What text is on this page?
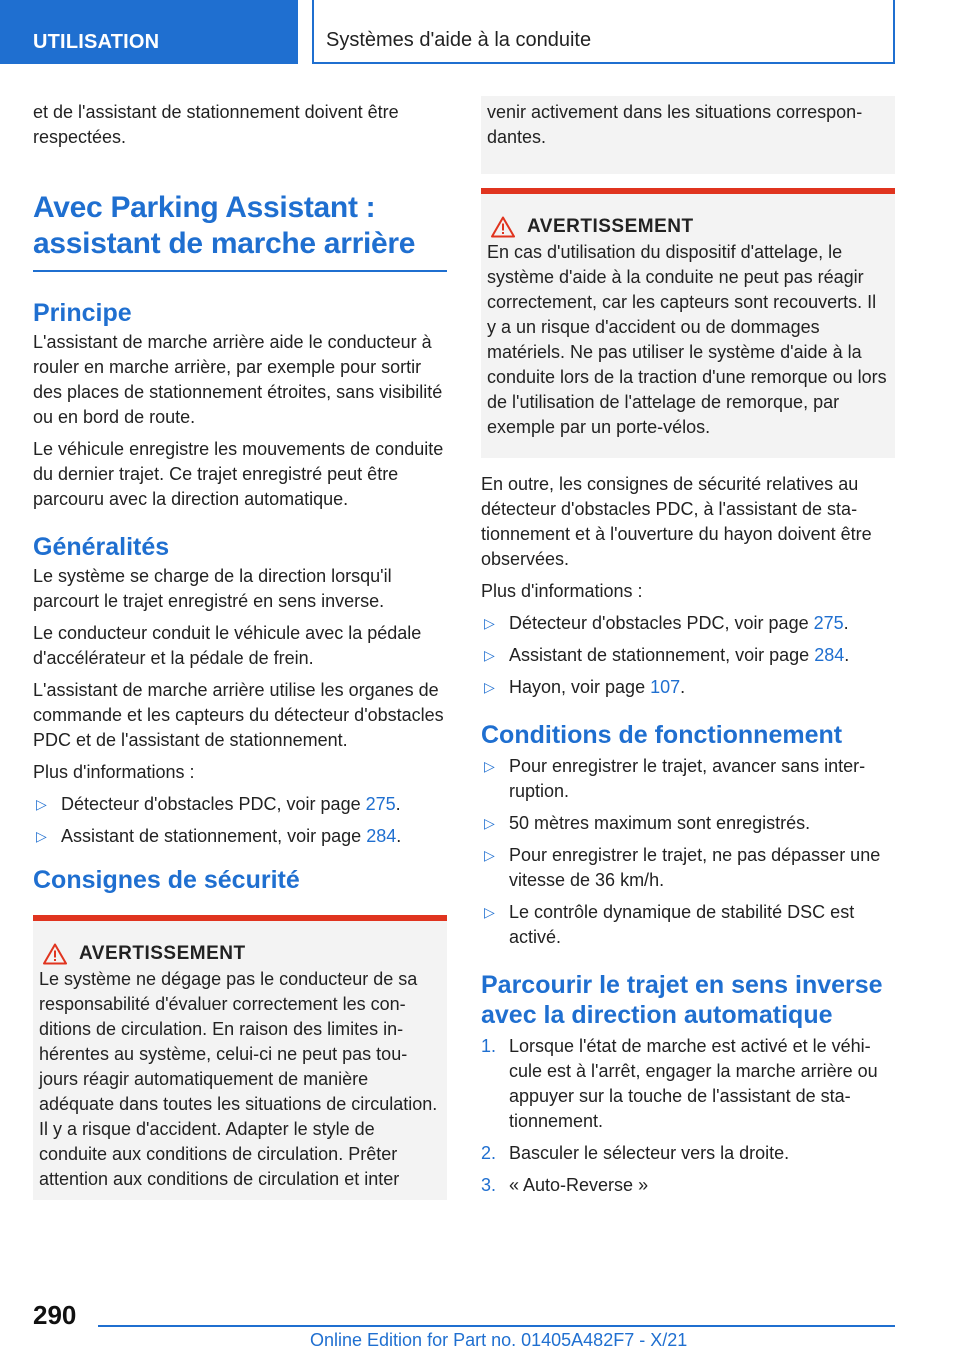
UTILISATION	Systèmes d'aide à la conduite

et de l'assistant de stationnement doivent être respectées.

Avec Parking Assistant : assistant de marche arrière
Principe

L'assistant de marche arrière aide le conducteur à rouler en marche arrière, par exemple pour sortir des places de stationnement étroites, sans visibilité ou en bord de route.

Le véhicule enregistre les mouvements de conduite du dernier trajet. Ce trajet enregistré peut être parcouru avec la direction automatique.

Généralités

Le système se charge de la direction lorsqu'il parcourt le trajet enregistré en sens inverse.

Le conducteur conduit le véhicule avec la pédale d'accélérateur et la pédale de frein.

L'assistant de marche arrière utilise les organes de commande et les capteurs du détecteur d'obstacles PDC et de l'assistant de stationnement.

Plus d'informations :

▷ Détecteur d'obstacles PDC, voir page 275.
▷ Assistant de stationnement, voir page 284.
Consignes de sécurité
AVERTISSEMENT

Le système ne dégage pas le conducteur de sa responsabilité d'évaluer correctement les conditions de circulation. En raison des limites inhérentes au système, celui-ci ne peut pas toujours réagir automatiquement de manière adéquate dans toutes les situations de circulation. Il y a risque d'accident. Adapter le style de conduite aux conditions de circulation. Prêter attention aux conditions de circulation et inter

venir activement dans les situations correspondantes.

AVERTISSEMENT

En cas d'utilisation du dispositif d'attelage, le système d'aide à la conduite ne peut pas réagir correctement, car les capteurs sont recouverts. Il y a un risque d'accident ou de dommages matériels. Ne pas utiliser le système d'aide à la conduite lors de la traction d'une remorque ou lors de l'utilisation de l'attelage de remorque, par exemple par un porte-vélos.

En outre, les consignes de sécurité relatives au détecteur d'obstacles PDC, à l'assistant de stationnement et à l'ouverture du hayon doivent être observées.

Plus d'informations :

▷ Détecteur d'obstacles PDC, voir page 275.
▷ Assistant de stationnement, voir page 284.
▷ Hayon, voir page 107.
Conditions de fonctionnement
▷ Pour enregistrer le trajet, avancer sans interruption.
▷ 50 mètres maximum sont enregistrés.
▷ Pour enregistrer le trajet, ne pas dépasser une vitesse de 36 km/h.
▷ Le contrôle dynamique de stabilité DSC est activé.
Parcourir le trajet en sens inverse avec la direction automatique
1. Lorsque l'état de marche est activé et le véhicule est à l'arrêt, engager la marche arrière ou appuyer sur la touche de l'assistant de stationnement.
2. Basculer le sélecteur vers la droite.
3. « Auto-Reverse »
290
Online Edition for Part no. 01405A482F7 - X/21
